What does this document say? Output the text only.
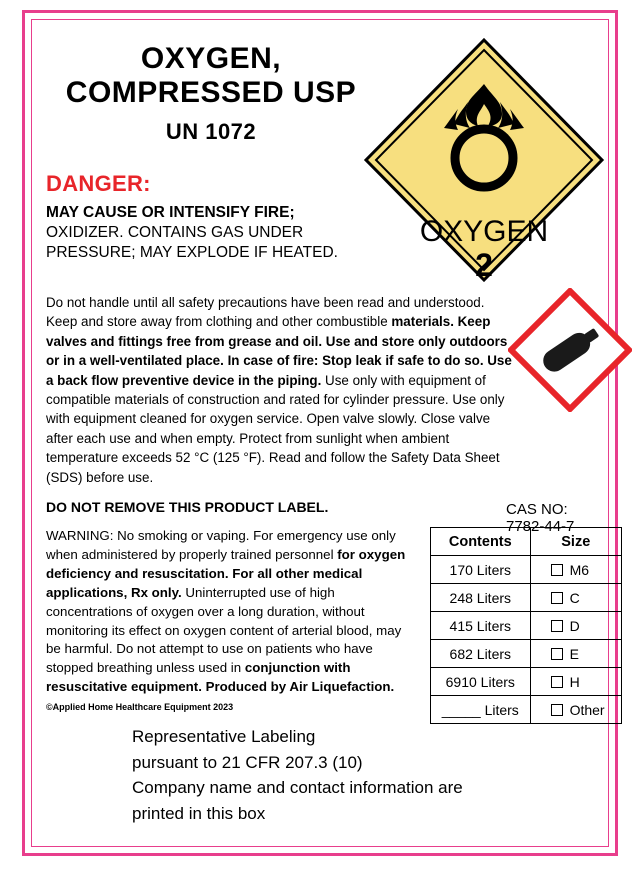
OXYGEN,
COMPRESSED USP
UN 1072
OXYGEN
2
DANGER:
MAY CAUSE OR INTENSIFY FIRE;
OXIDIZER. CONTAINS GAS UNDER PRESSURE; MAY EXPLODE IF HEATED.
Do not handle until all safety precautions have been read and understood. Keep and store away from clothing and other combustible materials. Keep valves and fittings free from grease and oil. Use and store only outdoors or in a well-ventilated place. In case of fire: Stop leak if safe to do so. Use a back flow preventive device in the piping. Use only with equipment of compatible materials of construction and rated for cylinder pressure. Use only with equipment cleaned for oxygen service. Open valve slowly. Close valve after each use and when empty. Protect from sunlight when ambient temperature exceeds 52 °C (125 °F). Read and follow the Safety Data Sheet (SDS) before use.
DO NOT REMOVE THIS PRODUCT LABEL.	CAS NO: 7782-44-7
WARNING: No smoking or vaping. For emergency use only when administered by properly trained personnel for oxygen deficiency and resuscitation. For all other medical applications, Rx only. Uninterrupted use of high concentrations of oxygen over a long duration, without monitoring its effect on oxygen content of arterial blood, may be harmful. Do not attempt to use on patients who have stopped breathing unless used in conjunction with resuscitative equipment. Produced by Air Liquefaction. ©Applied Home Healthcare Equipment 2023
Contents	Size
170 Liters	M6
248 Liters	C
415 Liters	D
682 Liters	E
6910 Liters	H
_____ Liters	Other
Representative Labeling
pursuant to 21 CFR 207.3 (10)
Company name and contact information are
printed in this box
